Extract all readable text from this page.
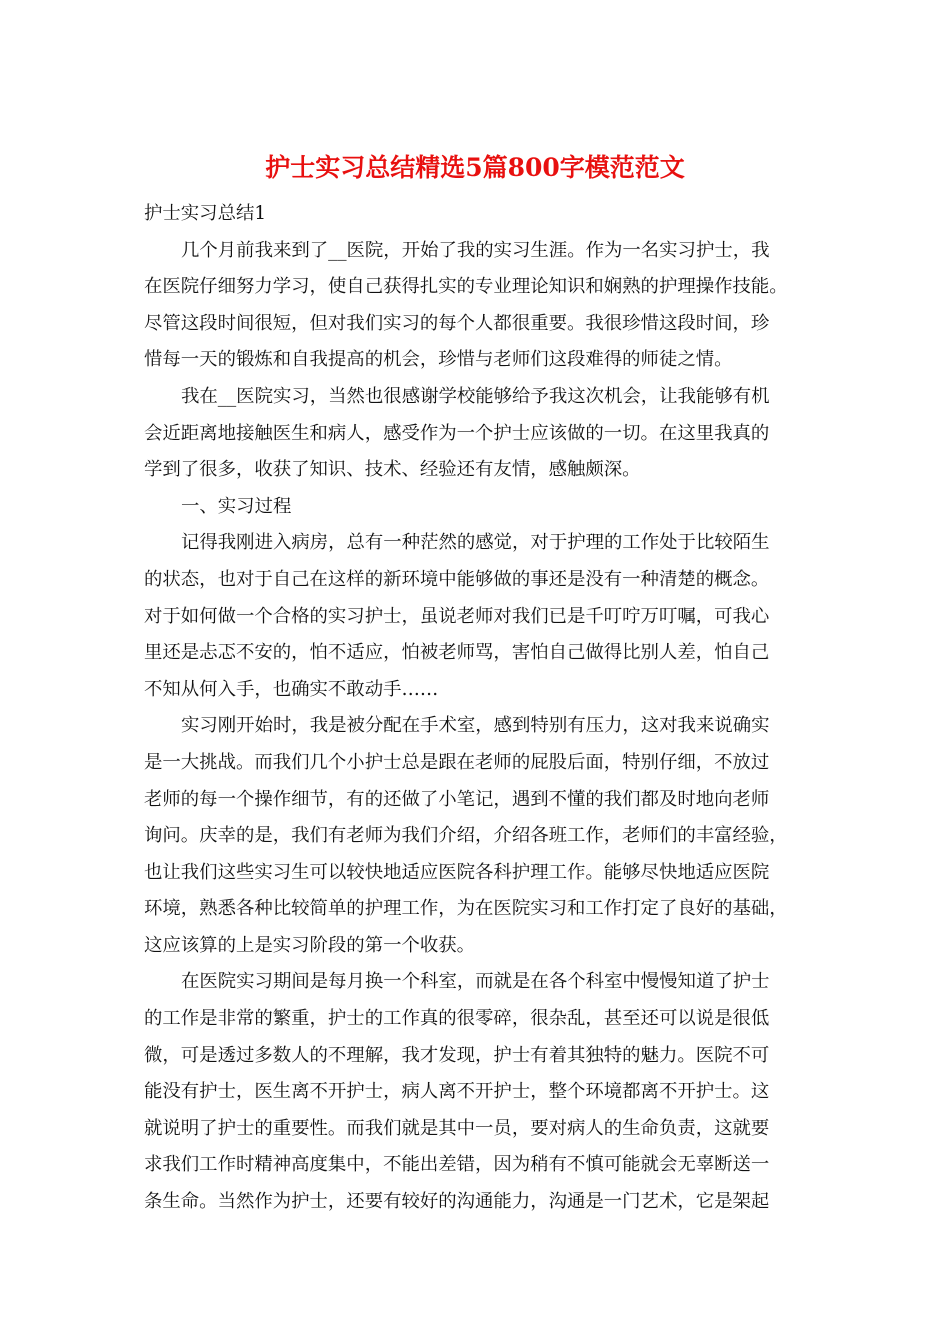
护士实习总结精选5篇800字模范范文

护士实习总结1

几个月前我来到了__医院，开始了我的实习生涯。作为一名实习护士，我
在医院仔细努力学习，使自己获得扎实的专业理论知识和娴熟的护理操作技能。
尽管这段时间很短，但对我们实习的每个人都很重要。我很珍惜这段时间，珍
惜每一天的锻炼和自我提高的机会，珍惜与老师们这段难得的师徒之情。

我在__医院实习，当然也很感谢学校能够给予我这次机会，让我能够有机
会近距离地接触医生和病人，感受作为一个护士应该做的一切。在这里我真的
学到了很多，收获了知识、技术、经验还有友情，感触颇深。

一、实习过程

记得我刚进入病房，总有一种茫然的感觉，对于护理的工作处于比较陌生
的状态，也对于自己在这样的新环境中能够做的事还是没有一种清楚的概念。
对于如何做一个合格的实习护士，虽说老师对我们已是千叮咛万叮嘱，可我心
里还是忐忑不安的，怕不适应，怕被老师骂，害怕自己做得比别人差，怕自己
不知从何入手，也确实不敢动手……

实习刚开始时，我是被分配在手术室，感到特别有压力，这对我来说确实
是一大挑战。而我们几个小护士总是跟在老师的屁股后面，特别仔细，不放过
老师的每一个操作细节，有的还做了小笔记，遇到不懂的我们都及时地向老师
询问。庆幸的是，我们有老师为我们介绍，介绍各班工作，老师们的丰富经验，
也让我们这些实习生可以较快地适应医院各科护理工作。能够尽快地适应医院
环境，熟悉各种比较简单的护理工作，为在医院实习和工作打定了良好的基础，
这应该算的上是实习阶段的第一个收获。

在医院实习期间是每月换一个科室，而就是在各个科室中慢慢知道了护士
的工作是非常的繁重，护士的工作真的很零碎，很杂乱，甚至还可以说是很低
微，可是透过多数人的不理解，我才发现，护士有着其独特的魅力。医院不可
能没有护士，医生离不开护士，病人离不开护士，整个环境都离不开护士。这
就说明了护士的重要性。而我们就是其中一员，要对病人的生命负责，这就要
求我们工作时精神高度集中，不能出差错，因为稍有不慎可能就会无辜断送一
条生命。当然作为护士，还要有较好的沟通能力，沟通是一门艺术，它是架起
